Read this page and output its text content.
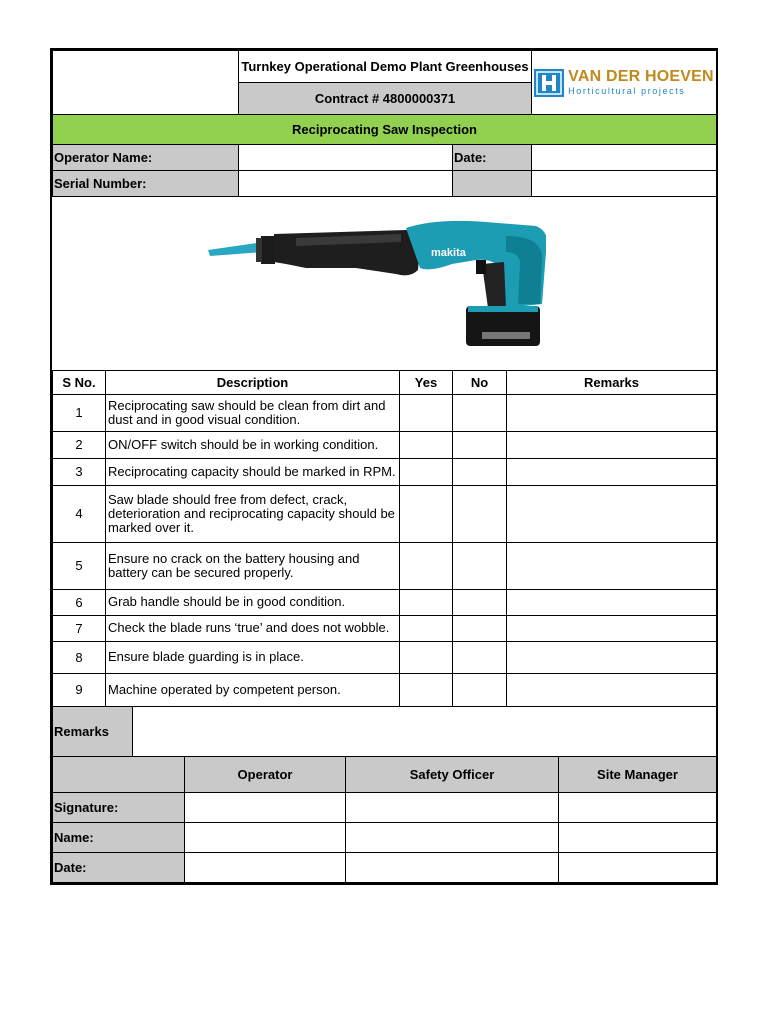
	Turnkey Operational Demo Plant Greenhouses	
VAN DER HOEVEN
Horticultural projects

Contract # 4800000371
Reciprocating Saw Inspection
Operator Name:		Date:	
Serial Number:			
makita
S No.	Description	Yes	No	Remarks
1	Reciprocating saw should be clean from dirt and dust and in good visual condition.			
2	ON/OFF switch should be in working condition.			
3	Reciprocating capacity should be marked in RPM.			
4	Saw blade should free from defect, crack, deterioration and reciprocating capacity should be marked over it.			
5	Ensure no crack on the battery housing and battery can be secured properly.			
6	Grab handle should be in good condition.			
7	Check the blade runs ‘true’ and does not wobble.			
8	Ensure blade guarding is in place.			
9	Machine operated by competent person.			
Remarks	
	Operator	Safety Officer	Site Manager
Signature:			
Name:			
Date:			
